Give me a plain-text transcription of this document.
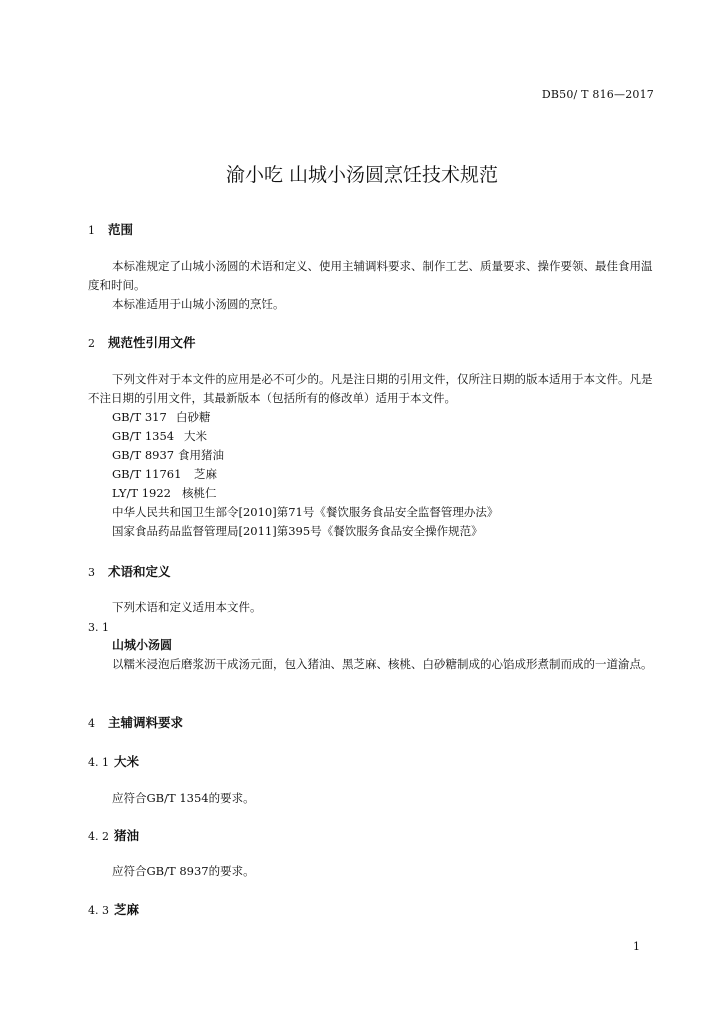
DB50/ T 816—2017
渝小吃 山城小汤圆烹饪技术规范
1 范围
本标准规定了山城小汤圆的术语和定义、使用主辅调料要求、制作工艺、质量要求、操作要领、最佳食用温度和时间。
本标准适用于山城小汤圆的烹饪。
2 规范性引用文件
下列文件对于本文件的应用是必不可少的。凡是注日期的引用文件，仅所注日期的版本适用于本文件。凡是不注日期的引用文件，其最新版本（包括所有的修改单）适用于本文件。
GB/T 317 白砂糖
GB/T 1354 大米
GB/T 8937 食用猪油
GB/T 11761 芝麻
LY/T 1922 核桃仁
中华人民共和国卫生部令[2010]第71号《餐饮服务食品安全监督管理办法》
国家食品药品监督管理局[2011]第395号《餐饮服务食品安全操作规范》
3 术语和定义
下列术语和定义适用本文件。
3. 1
山城小汤圆
以糯米浸泡后磨浆沥干成汤元面，包入猪油、黑芝麻、核桃、白砂糖制成的心馅成形煮制而成的一道渝点。
4 主辅调料要求
4. 1 大米
应符合GB/T 1354的要求。
4. 2 猪油
应符合GB/T 8937的要求。
4. 3 芝麻
1
